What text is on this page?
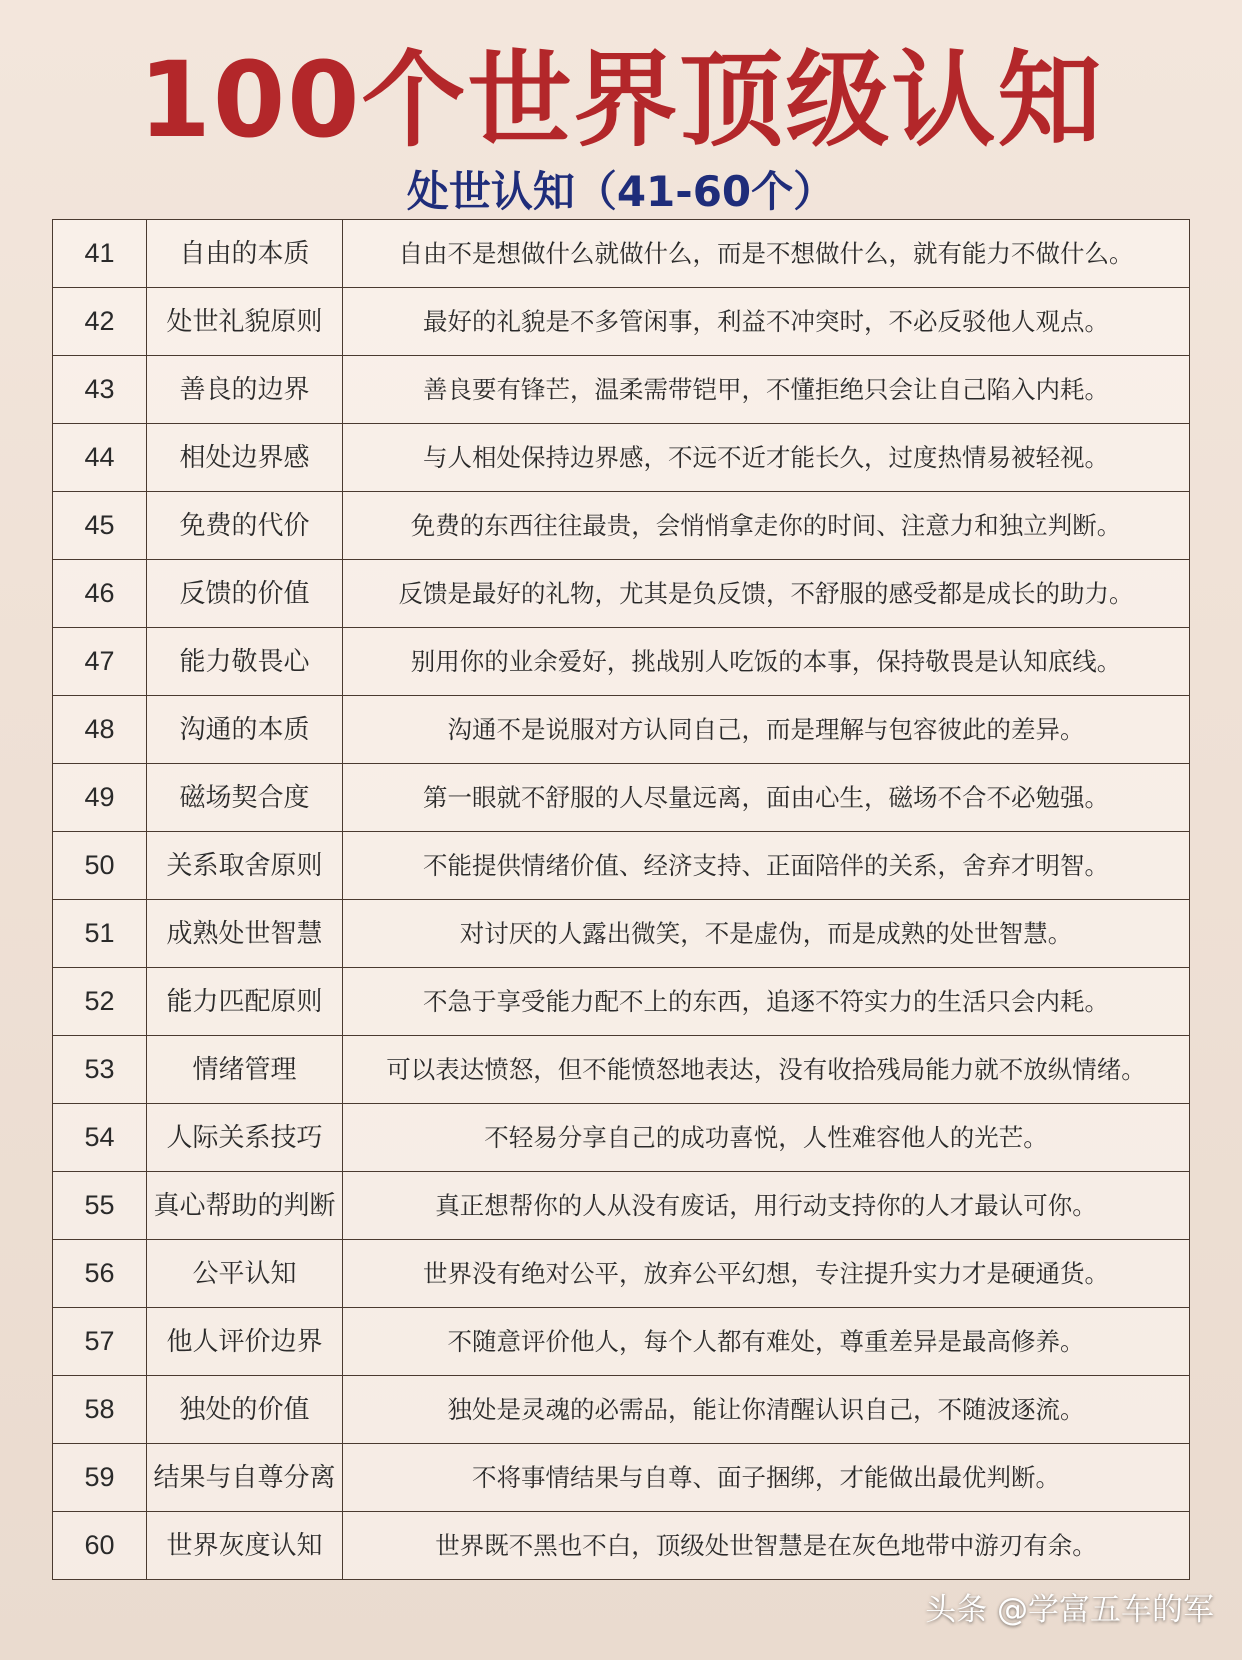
100个世界顶级认知
处世认知（41-60个）
41	自由的本质	自由不是想做什么就做什么，而是不想做什么，就有能力不做什么。
42	处世礼貌原则	最好的礼貌是不多管闲事，利益不冲突时，不必反驳他人观点。
43	善良的边界	善良要有锋芒，温柔需带铠甲，不懂拒绝只会让自己陷入内耗。
44	相处边界感	与人相处保持边界感，不远不近才能长久，过度热情易被轻视。
45	免费的代价	免费的东西往往最贵，会悄悄拿走你的时间、注意力和独立判断。
46	反馈的价值	反馈是最好的礼物，尤其是负反馈，不舒服的感受都是成长的助力。
47	能力敬畏心	别用你的业余爱好，挑战别人吃饭的本事，保持敬畏是认知底线。
48	沟通的本质	沟通不是说服对方认同自己，而是理解与包容彼此的差异。
49	磁场契合度	第一眼就不舒服的人尽量远离，面由心生，磁场不合不必勉强。
50	关系取舍原则	不能提供情绪价值、经济支持、正面陪伴的关系，舍弃才明智。
51	成熟处世智慧	对讨厌的人露出微笑，不是虚伪，而是成熟的处世智慧。
52	能力匹配原则	不急于享受能力配不上的东西，追逐不符实力的生活只会内耗。
53	情绪管理	可以表达愤怒，但不能愤怒地表达，没有收拾残局能力就不放纵情绪。
54	人际关系技巧	不轻易分享自己的成功喜悦，人性难容他人的光芒。
55	真心帮助的判断	真正想帮你的人从没有废话，用行动支持你的人才最认可你。
56	公平认知	世界没有绝对公平，放弃公平幻想，专注提升实力才是硬通货。
57	他人评价边界	不随意评价他人，每个人都有难处，尊重差异是最高修养。
58	独处的价值	独处是灵魂的必需品，能让你清醒认识自己，不随波逐流。
59	结果与自尊分离	不将事情结果与自尊、面子捆绑，才能做出最优判断。
60	世界灰度认知	世界既不黑也不白，顶级处世智慧是在灰色地带中游刃有余。
头条 @学富五车的军
